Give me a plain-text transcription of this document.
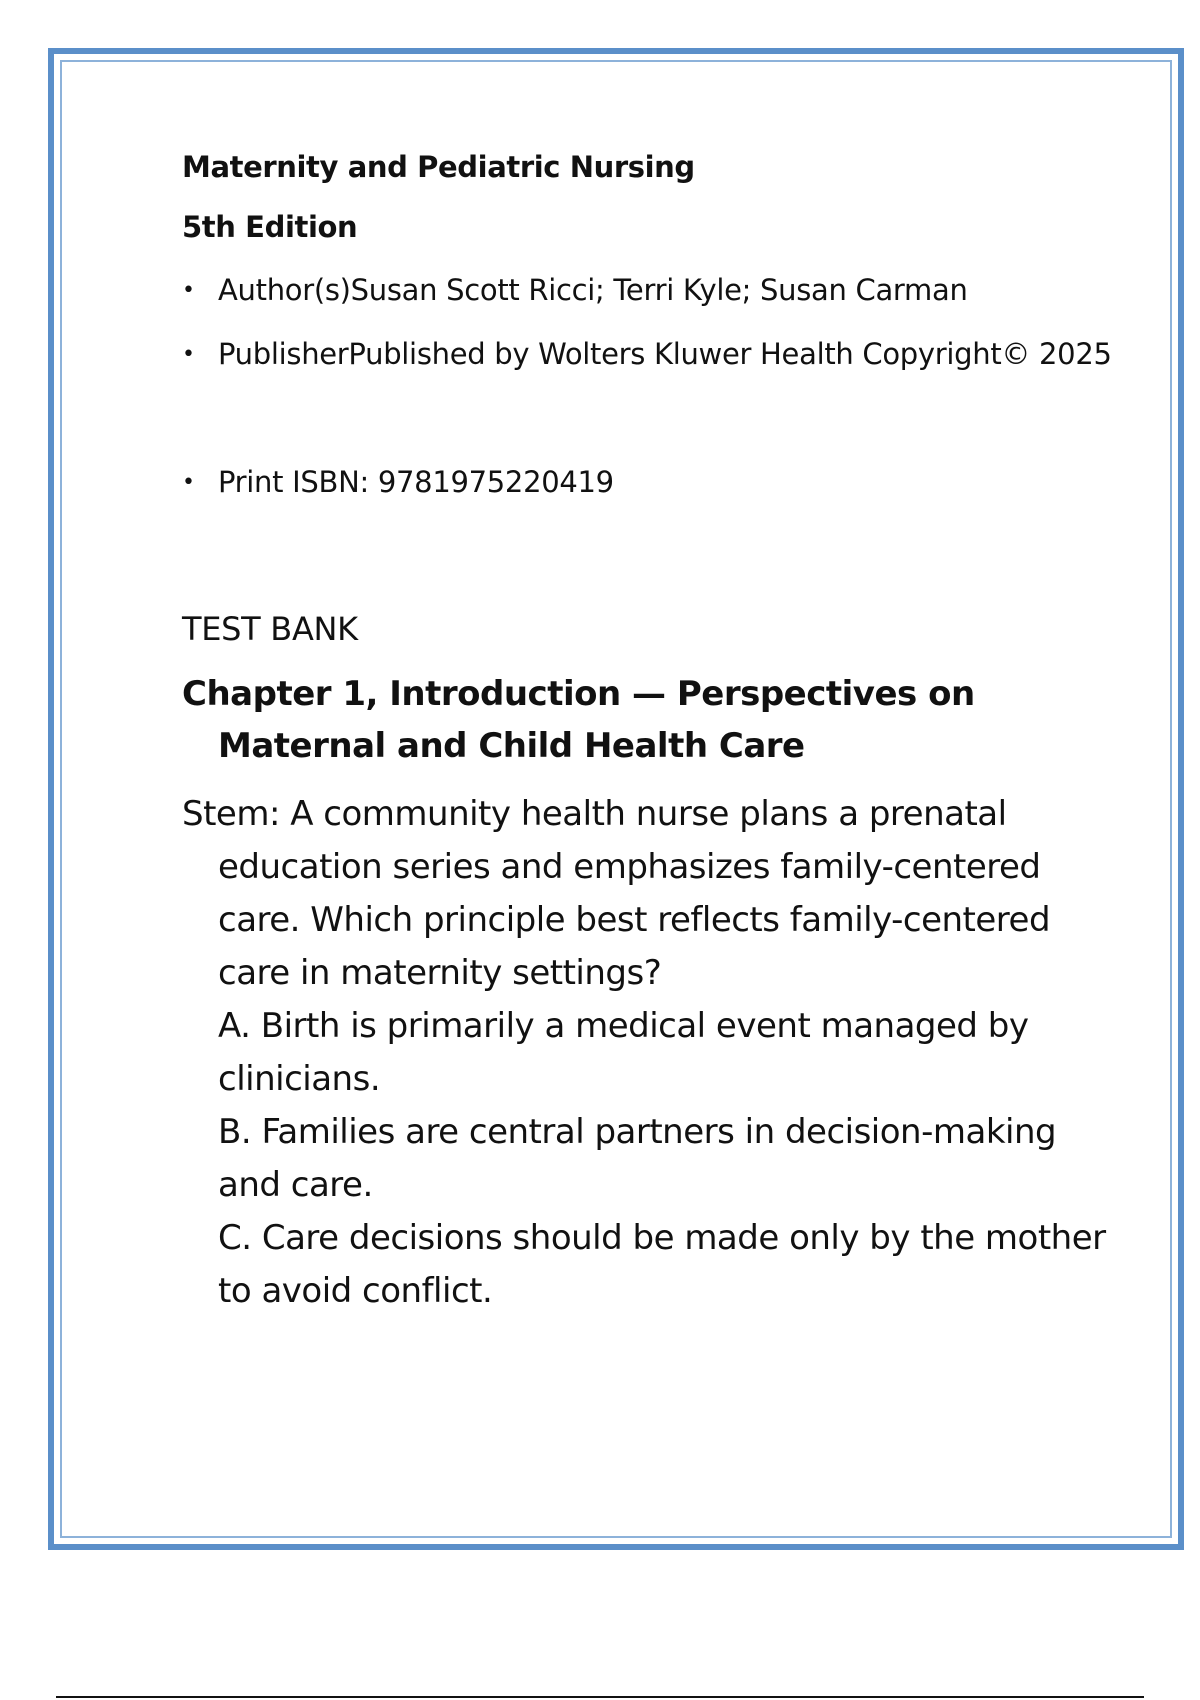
Maternity and Pediatric Nursing
5th Edition
• Author(s)Susan Scott Ricci; Terri Kyle; Susan Carman
• PublisherPublished by Wolters Kluwer Health Copyright© 2025
• Print ISBN: 9781975220419
TEST BANK
Chapter 1, Introduction — Perspectives on Maternal and Child Health Care
Stem: A community health nurse plans a prenatal education series and emphasizes family-centered care. Which principle best reflects family-centered care in maternity settings?
A. Birth is primarily a medical event managed by clinicians.
B. Families are central partners in decision-making and care.
C. Care decisions should be made only by the mother to avoid conflict.
